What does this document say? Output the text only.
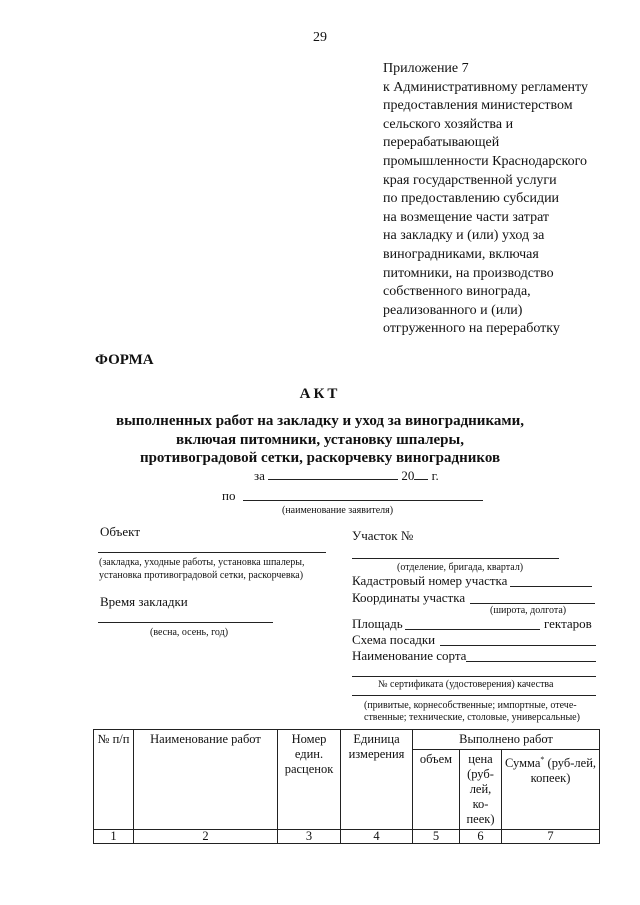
29
Приложение 7
к Административному регламенту
предоставления министерством
сельского хозяйства и
перерабатывающей
промышленности Краснодарского
края государственной услуги
по предоставлению субсидии
на возмещение части затрат
на закладку и (или) уход за
виноградниками, включая
питомники, на производство
собственного винограда,
реализованного и (или)
отгруженного на переработку
ФОРМА
АКТ
выполненных работ на закладку и уход за виноградниками,
включая питомники, установку шпалеры,
противоградовой сетки, раскорчевку виноградников
за	20 г.
по
(наименование заявителя)
Объект
(закладка, уходные работы, установка шпалеры,
установка противоградовой сетки, раскорчевка)
Время закладки
(весна, осень, год)
Участок №
(отделение, бригада, квартал)
Кадастровый номер участка
Координаты участка
(широта, долгота)
Площадь	гектаров
Схема посадки
Наименование сорта
№ сертификата (удостоверения) качества
(привитые, корнесобственные; импортные, отече-
ственные; технические, столовые, универсальные)
№ п/п	Наименование работ	Номер един. расценок	Единица измерения	Выполнено работ		
				объем	цена (руб-лей, ко-пеек)	Сумма* (руб-лей, копеек)
1	2	3	4	5	6	7
